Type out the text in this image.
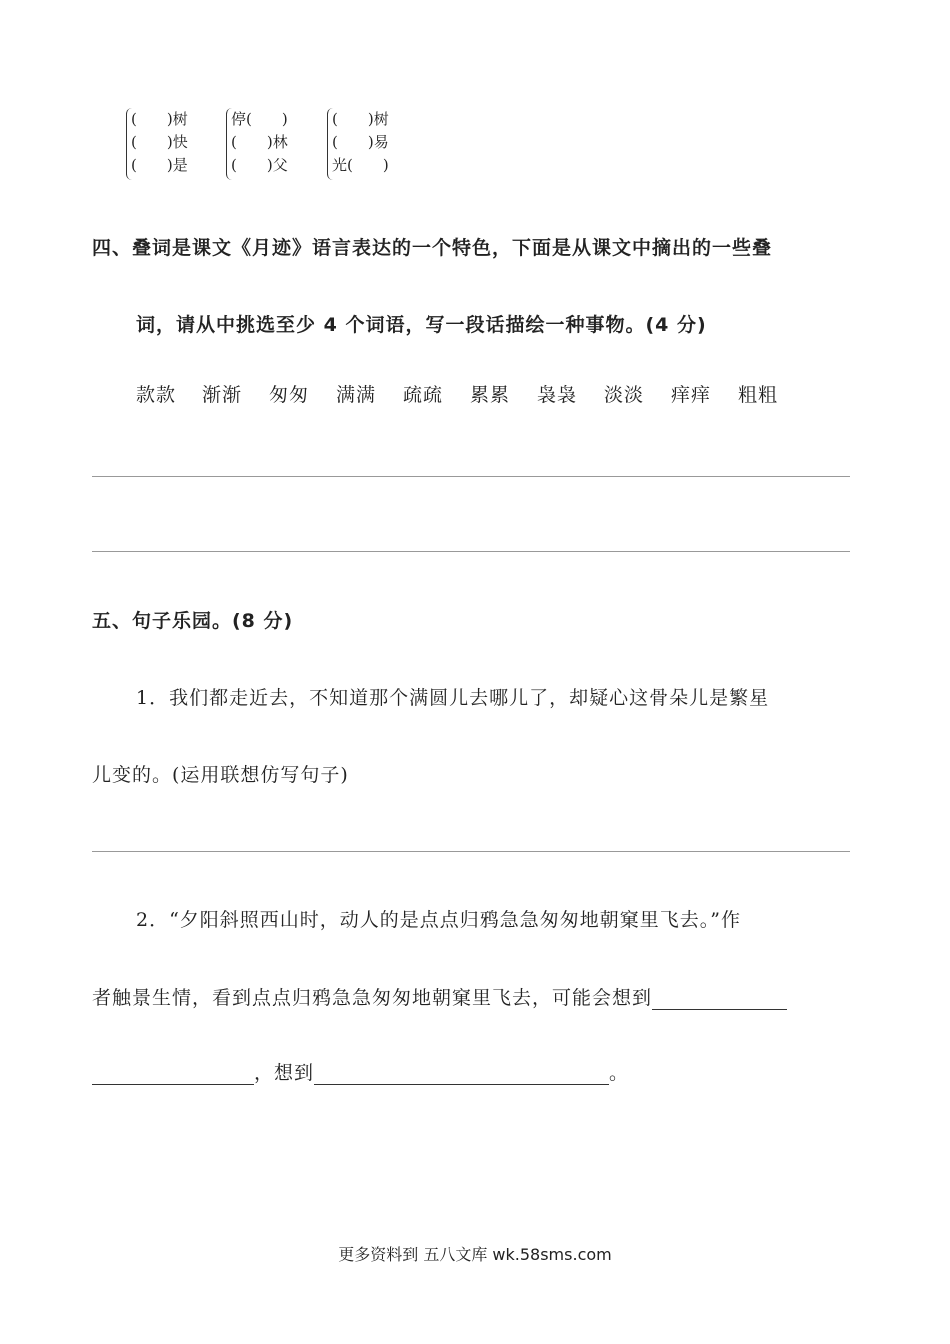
(　　)树
(　　)快
(　　)是
停(　　)
(　　)林
(　　)父
(　　)树
(　　)易
光(　　)
四、叠词是课文《月迹》语言表达的一个特色，下面是从课文中摘出的一些叠
词，请从中挑选至少 4 个词语，写一段话描绘一种事物。(4 分)
款款 渐渐 匆匆 满满 疏疏 累累 袅袅 淡淡 痒痒 粗粗
五、句子乐园。(8 分)
1．我们都走近去，不知道那个满圆儿去哪儿了，却疑心这骨朵儿是繁星
儿变的。(运用联想仿写句子)
2．“夕阳斜照西山时，动人的是点点归鸦急急匆匆地朝窠里飞去。”作
者触景生情，看到点点归鸦急急匆匆地朝窠里飞去，可能会想到
，想到	。
更多资料到 五八文库 wk.58sms.com
